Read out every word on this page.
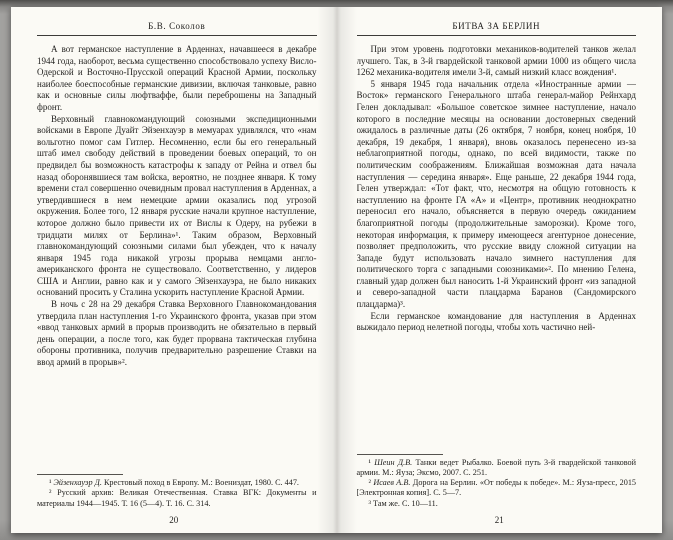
Б.В. Соколов

А вот германское наступление в Арденнах, начавшееся в декабре 1944 года, наоборот, весьма существенно способствовало успеху Висло-Одерской и Восточно-Прусской операций Красной Армии, поскольку наиболее боеспособные германские дивизии, включая танковые, равно как и основные силы люфтваффе, были переброшены на Западный фронт.

Верховный главнокомандующий союзными экспедиционными войсками в Европе Дуайт Эйзенхауэр в мемуарах удивлялся, что «нам вольготно помог сам Гитлер. Несомненно, если бы его генеральный штаб имел свободу действий в проведении боевых операций, то он предвидел бы возможность катастрофы к западу от Рейна и отвел бы назад оборонявшиеся там войска, вероятно, не позднее января. К тому времени стал совершенно очевидным провал наступления в Арденнах, а утвердившиеся в нем немецкие армии оказались под угрозой окружения. Более того, 12 января русские начали крупное наступление, которое должно было привести их от Вислы к Одеру, на рубежи в тридцати милях от Берлина»¹. Таким образом, Верховный главнокомандующий союзными силами был убежден, что к началу января 1945 года никакой угрозы прорыва немцами англо-американского фронта не существовало. Соответственно, у лидеров США и Англии, равно как и у самого Эйзенхауэра, не было никаких оснований просить у Сталина ускорить наступление Красной Армии.

В ночь с 28 на 29 декабря Ставка Верховного Главнокомандования утвердила план наступления 1-го Украинского фронта, указав при этом «ввод танковых армий в прорыв производить не обязательно в первый день операции, а после того, как будет прорвана тактическая глубина обороны противника, получив предварительно разрешение Ставки на ввод армий в прорыв»².

¹ Эйзенхауэр Д. Крестовый поход в Европу. М.: Воениздат, 1980. С. 447.

² Русский архив: Великая Отечественная. Ставка ВГК: Документы и материалы 1944—1945. Т. 16 (5—4). Т. 16. С. 314.

20
БИТВА ЗА БЕРЛИН

При этом уровень подготовки механиков-водителей танков желал лучшего. Так, в 3-й гвардейской танковой армии 1000 из общего числа 1262 механика-водителя имели 3-й, самый низкий класс вождения¹.

5 января 1945 года начальник отдела «Иностранные армии — Восток» германского Генерального штаба генерал-майор Рейнхард Гелен докладывал: «Большое советское зимнее наступление, начало которого в последние месяцы на основании достоверных сведений ожидалось в различные даты (26 октября, 7 ноября, конец ноября, 10 декабря, 19 декабря, 1 января), вновь оказалось перенесено из-за неблагоприятной погоды, однако, по всей видимости, также по политическим соображениям. Ближайшая возможная дата начала наступления — середина января». Еще раньше, 22 декабря 1944 года, Гелен утверждал: «Тот факт, что, несмотря на общую готовность к наступлению на фронте ГА «А» и «Центр», противник неоднократно переносил его начало, объясняется в первую очередь ожиданием благоприятной погоды (продолжительные заморозки). Кроме того, некоторая информация, к примеру имеющееся агентурное донесение, позволяет предположить, что русские ввиду сложной ситуации на Западе будут использовать начало зимнего наступления для политического торга с западными союзниками»². По мнению Гелена, главный удар должен был наносить 1-й Украинский фронт «из западной и северо-западной части плацдарма Баранов (Сандомирского плацдарма)³.

Если германское командование для наступления в Арденнах выжидало период нелетной погоды, чтобы хоть частично ней-

¹ Шеин Д.В. Танки ведет Рыбалко. Боевой путь 3-й гвардейской танковой армии. М.: Яуза; Эксмо, 2007. С. 251.

² Исаев А.В. Дорога на Берлин. «От победы к победе». М.: Яуза-пресс, 2015 [Электронная копия]. С. 5—7.

³ Там же. С. 10—11.

21
